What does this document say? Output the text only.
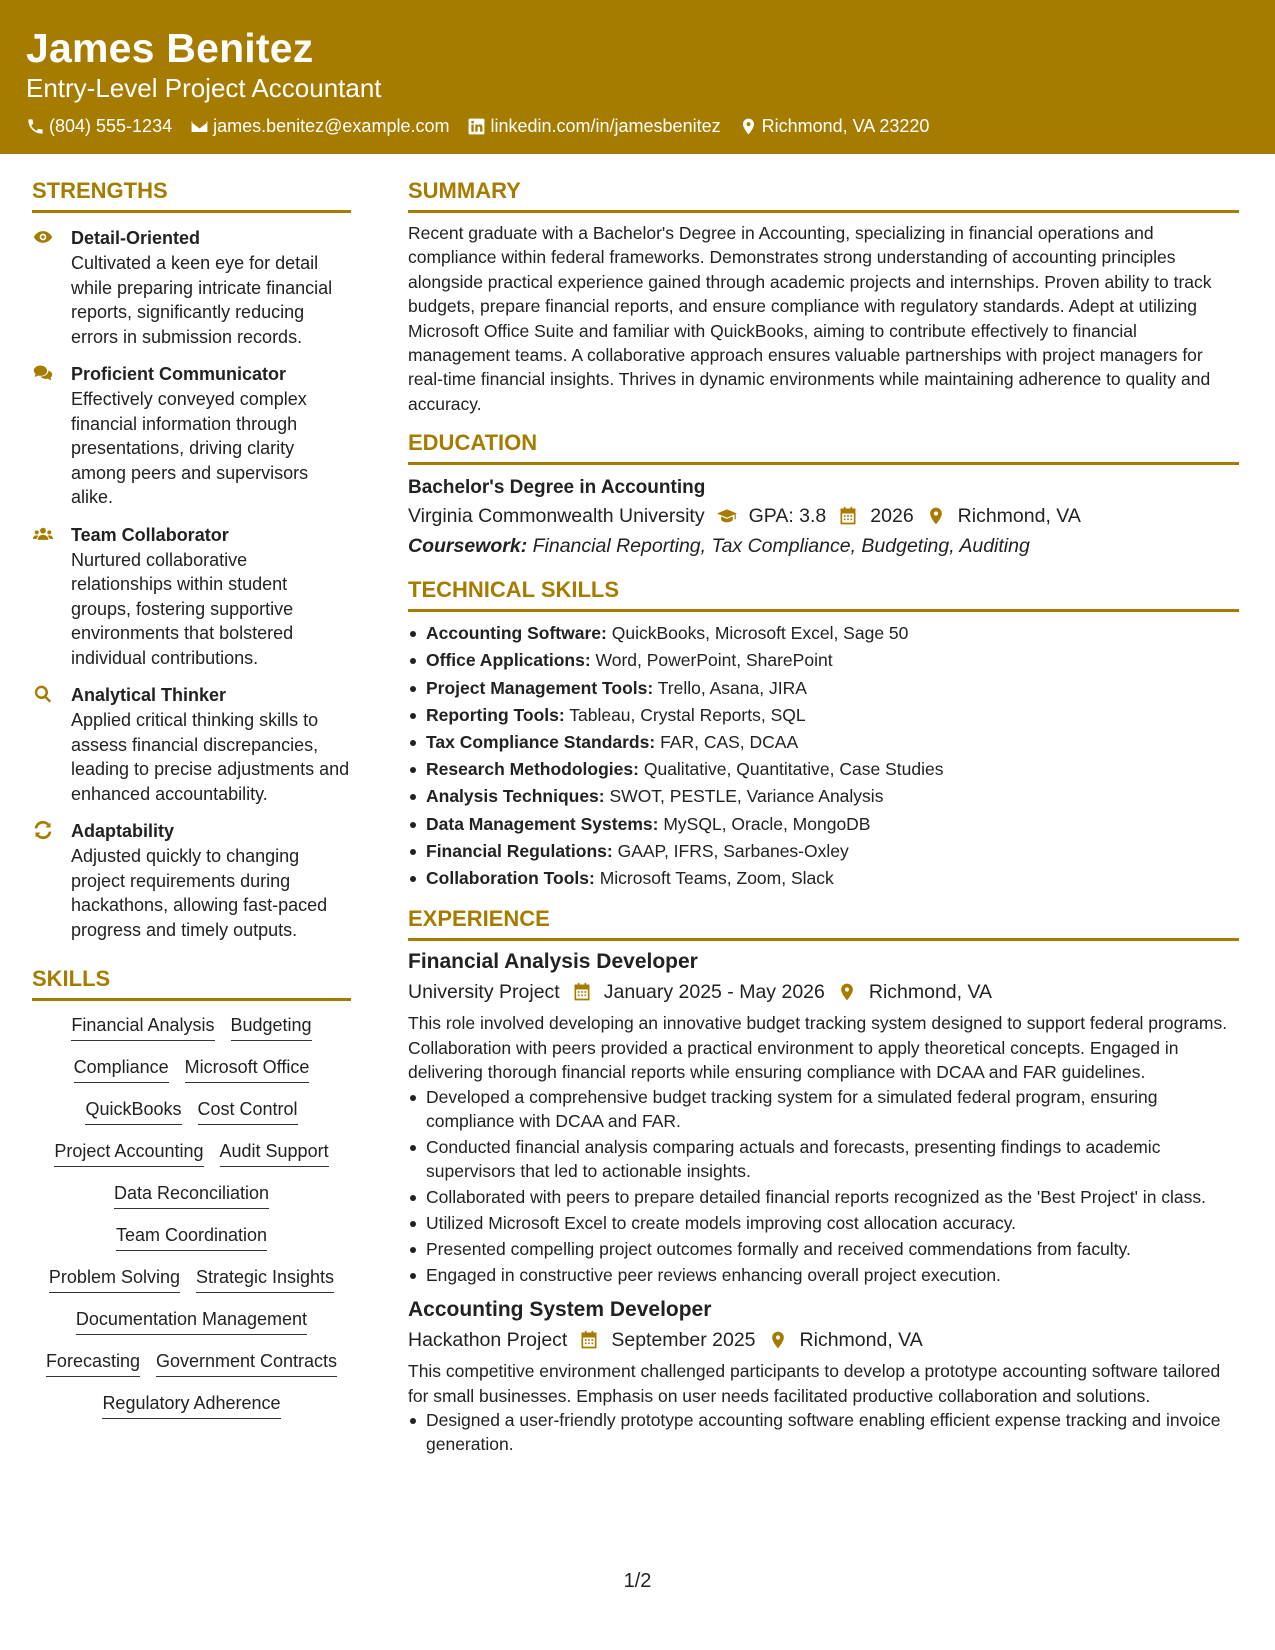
James Benitez
Entry-Level Project Accountant
(804) 555-1234 james.benitez@example.com linkedin.com/in/jamesbenitez Richmond, VA 23220
STRENGTHS
Detail-Oriented
Cultivated a keen eye for detail while preparing intricate financial reports, significantly reducing errors in submission records.
Proficient Communicator
Effectively conveyed complex financial information through presentations, driving clarity among peers and supervisors alike.
Team Collaborator
Nurtured collaborative relationships within student groups, fostering supportive environments that bolstered individual contributions.
Analytical Thinker
Applied critical thinking skills to assess financial discrepancies, leading to precise adjustments and enhanced accountability.
Adaptability
Adjusted quickly to changing project requirements during hackathons, allowing fast-paced progress and timely outputs.
SKILLS
Financial Analysis Budgeting
Compliance Microsoft Office
QuickBooks Cost Control
Project Accounting Audit Support
Data Reconciliation
Team Coordination
Problem Solving Strategic Insights
Documentation Management
Forecasting Government Contracts
Regulatory Adherence
SUMMARY
Recent graduate with a Bachelor's Degree in Accounting, specializing in financial operations and compliance within federal frameworks. Demonstrates strong understanding of accounting principles alongside practical experience gained through academic projects and internships. Proven ability to track budgets, prepare financial reports, and ensure compliance with regulatory standards. Adept at utilizing Microsoft Office Suite and familiar with QuickBooks, aiming to contribute effectively to financial management teams. A collaborative approach ensures valuable partnerships with project managers for real-time financial insights. Thrives in dynamic environments while maintaining adherence to quality and accuracy.
EDUCATION
Bachelor's Degree in Accounting
Virginia Commonwealth University GPA: 3.8 2026 Richmond, VA
Coursework: Financial Reporting, Tax Compliance, Budgeting, Auditing
TECHNICAL SKILLS
Accounting Software: QuickBooks, Microsoft Excel, Sage 50
Office Applications: Word, PowerPoint, SharePoint
Project Management Tools: Trello, Asana, JIRA
Reporting Tools: Tableau, Crystal Reports, SQL
Tax Compliance Standards: FAR, CAS, DCAA
Research Methodologies: Qualitative, Quantitative, Case Studies
Analysis Techniques: SWOT, PESTLE, Variance Analysis
Data Management Systems: MySQL, Oracle, MongoDB
Financial Regulations: GAAP, IFRS, Sarbanes-Oxley
Collaboration Tools: Microsoft Teams, Zoom, Slack
EXPERIENCE
Financial Analysis Developer
University Project January 2025 - May 2026 Richmond, VA
This role involved developing an innovative budget tracking system designed to support federal programs. Collaboration with peers provided a practical environment to apply theoretical concepts. Engaged in delivering thorough financial reports while ensuring compliance with DCAA and FAR guidelines.
Developed a comprehensive budget tracking system for a simulated federal program, ensuring compliance with DCAA and FAR.
Conducted financial analysis comparing actuals and forecasts, presenting findings to academic supervisors that led to actionable insights.
Collaborated with peers to prepare detailed financial reports recognized as the 'Best Project' in class.
Utilized Microsoft Excel to create models improving cost allocation accuracy.
Presented compelling project outcomes formally and received commendations from faculty.
Engaged in constructive peer reviews enhancing overall project execution.
Accounting System Developer
Hackathon Project September 2025 Richmond, VA
This competitive environment challenged participants to develop a prototype accounting software tailored for small businesses. Emphasis on user needs facilitated productive collaboration and solutions.
Designed a user-friendly prototype accounting software enabling efficient expense tracking and invoice generation.
1/2
